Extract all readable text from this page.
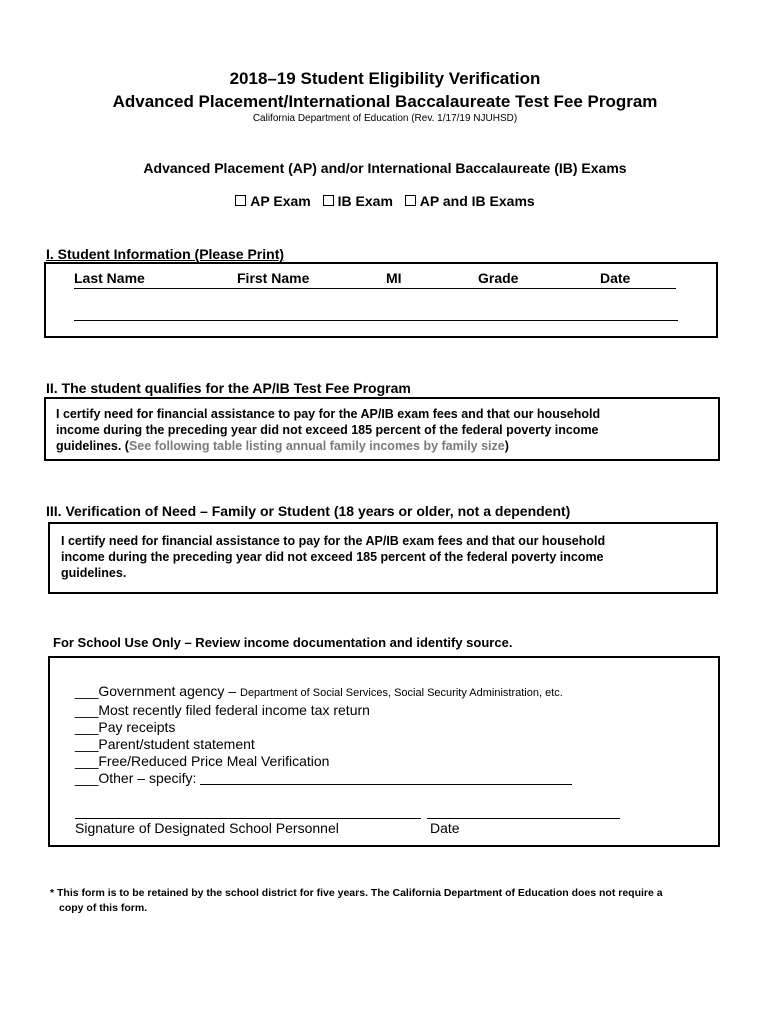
2018–19 Student Eligibility Verification
Advanced Placement/International Baccalaureate Test Fee Program
California Department of Education (Rev. 1/17/19 NJUHSD)
Advanced Placement (AP) and/or International Baccalaureate (IB) Exams
AP Exam IB Exam AP and IB Exams
I. Student Information (Please Print)
Last Name	First Name	MI	Grade	Date
II. The student qualifies for the AP/IB Test Fee Program
I certify need for financial assistance to pay for the AP/IB exam fees and that our household
income during the preceding year did not exceed 185 percent of the federal poverty income
guidelines. (See following table listing annual family incomes by family size)
III. Verification of Need – Family or Student (18 years or older, not a dependent)
I certify need for financial assistance to pay for the AP/IB exam fees and that our household
income during the preceding year did not exceed 185 percent of the federal poverty income
guidelines.
For School Use Only – Review income documentation and identify source.
___Government agency – Department of Social Services, Social Security Administration, etc.
___Most recently filed federal income tax return
___Pay receipts
___Parent/student statement
___Free/Reduced Price Meal Verification
___Other – specify:
Signature of Designated School Personnel	Date
* This form is to be retained by the school district for five years. The California Department of Education does not require a
copy of this form.
